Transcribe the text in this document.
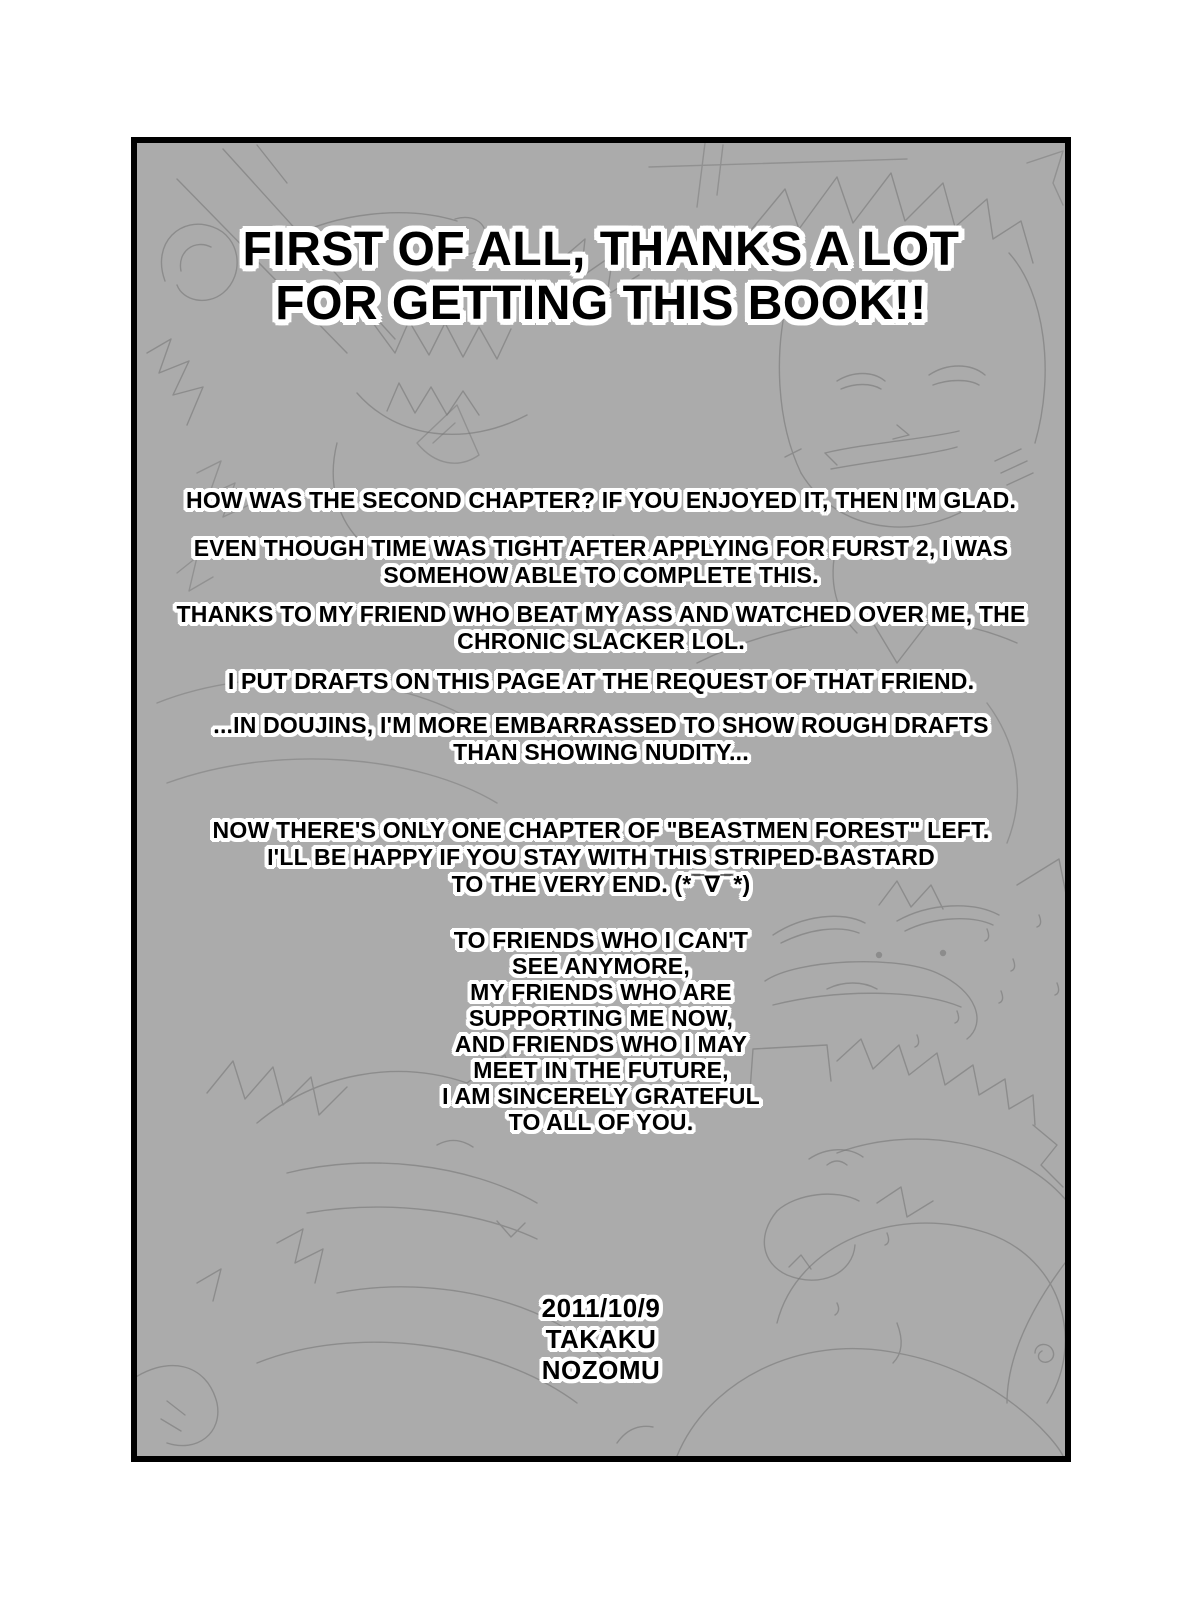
FIRST OF ALL, THANKS A LOT
FOR GETTING THIS BOOK!!
HOW WAS THE SECOND CHAPTER? IF YOU ENJOYED IT, THEN I'M GLAD.
EVEN THOUGH TIME WAS TIGHT AFTER APPLYING FOR FURST 2, I WAS
SOMEHOW ABLE TO COMPLETE THIS.
THANKS TO MY FRIEND WHO BEAT MY ASS AND WATCHED OVER ME, THE
CHRONIC SLACKER LOL.
I PUT DRAFTS ON THIS PAGE AT THE REQUEST OF THAT FRIEND.
...IN DOUJINS, I'M MORE EMBARRASSED TO SHOW ROUGH DRAFTS
THAN SHOWING NUDITY...
NOW THERE'S ONLY ONE CHAPTER OF "BEASTMEN FOREST" LEFT.
I'LL BE HAPPY IF YOU STAY WITH THIS STRIPED-BASTARD
TO THE VERY END. (*¯∇¯*)
TO FRIENDS WHO I CAN'T
SEE ANYMORE,
MY FRIENDS WHO ARE
SUPPORTING ME NOW,
AND FRIENDS WHO I MAY
MEET IN THE FUTURE,
I AM SINCERELY GRATEFUL
TO ALL OF YOU.
2011/10/9
TAKAKU
NOZOMU
